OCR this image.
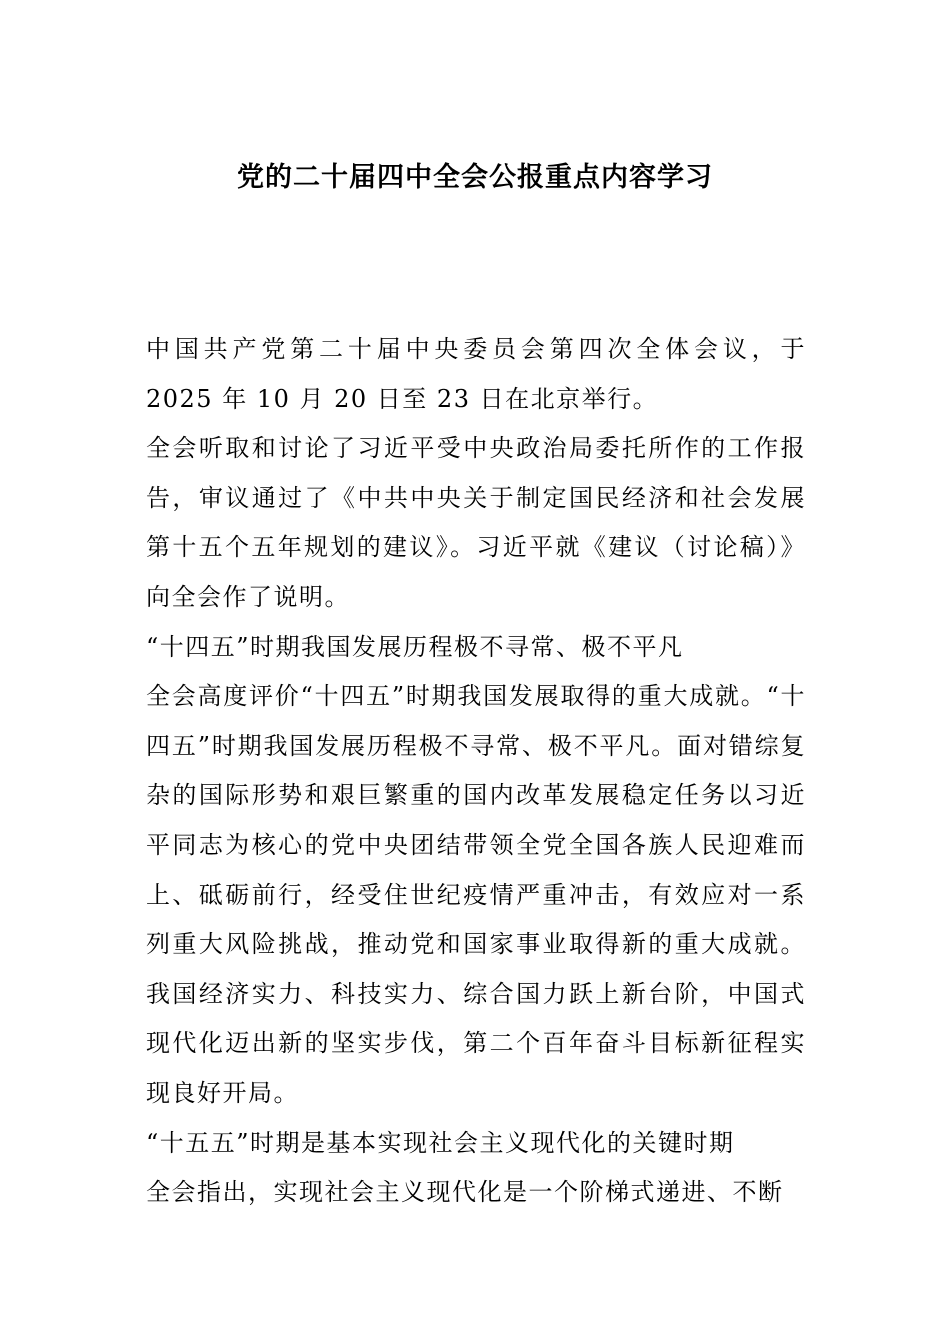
党的二十届四中全会公报重点内容学习

中国共产党第二十届中央委员会第四次全体会议，于 2025 年 10 月 20 日至 23 日在北京举行。

全会听取和讨论了习近平受中央政治局委托所作的工作报告，审议通过了《中共中央关于制定国民经济和社会发展第十五个五年规划的建议》。习近平就《建议（讨论稿）》向全会作了说明。

“十四五”时期我国发展历程极不寻常、极不平凡

全会高度评价“十四五”时期我国发展取得的重大成就。“十四五”时期我国发展历程极不寻常、极不平凡。面对错综复杂的国际形势和艰巨繁重的国内改革发展稳定任务以习近平同志为核心的党中央团结带领全党全国各族人民迎难而上、砥砺前行，经受住世纪疫情严重冲击，有效应对一系列重大风险挑战，推动党和国家事业取得新的重大成就。我国经济实力、科技实力、综合国力跃上新台阶，中国式现代化迈出新的坚实步伐，第二个百年奋斗目标新征程实现良好开局。

“十五五”时期是基本实现社会主义现代化的关键时期

全会指出，实现社会主义现代化是一个阶梯式递进、不断
